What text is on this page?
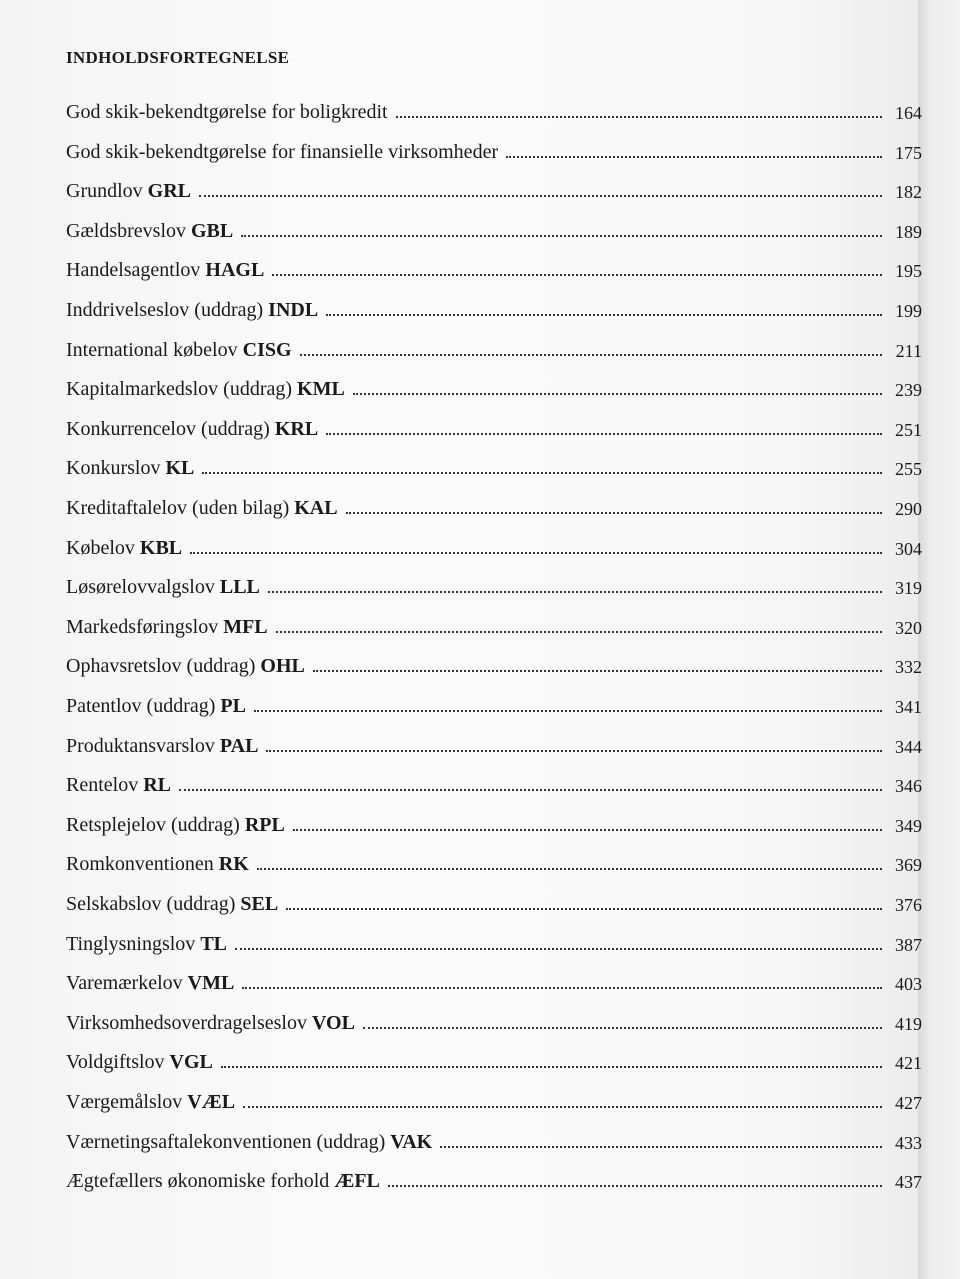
INDHOLDSFORTEGNELSE
God skik-bekendtgørelse for boligkredit	164
God skik-bekendtgørelse for finansielle virksomheder	175
Grundlov GRL	182
Gældsbrevslov GBL	189
Handelsagentlov HAGL	195
Inddrivelseslov (uddrag) INDL	199
International købelov CISG	211
Kapitalmarkedslov (uddrag) KML	239
Konkurrencelov (uddrag) KRL	251
Konkurslov KL	255
Kreditaftalelov (uden bilag) KAL	290
Købelov KBL	304
Løsørelovvalgslov LLL	319
Markedsføringslov MFL	320
Ophavsretslov (uddrag) OHL	332
Patentlov (uddrag) PL	341
Produktansvarslov PAL	344
Rentelov RL	346
Retsplejelov (uddrag) RPL	349
Romkonventionen RK	369
Selskabslov (uddrag) SEL	376
Tinglysningslov TL	387
Varemærkelov VML	403
Virksomhedsoverdragelseslov VOL	419
Voldgiftslov VGL	421
Værgemålslov VÆL	427
Værnetingsaftalekonventionen (uddrag) VAK	433
Ægtefællers økonomiske forhold ÆFL	437
